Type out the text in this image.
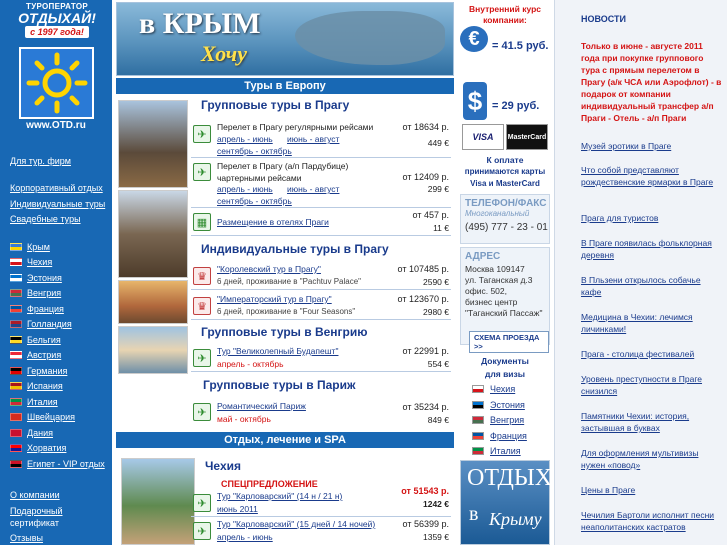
ТУРОПЕРАТОР
ОТДЫХАЙ!
с 1997 года!
www.OTD.ru
Для тур. фирм
Корпоративный отдых
Индивидуальные туры
Свадебные туры
О компании
Подарочный
сертификат
Отзывы
Крым
Чехия
Эстония
Венгрия
Франция
Голландия
Бельгия
Австрия
Германия
Испания
Италия
Швейцария
Дания
Хорватия
Египет - VIP отдых
в КРЫМ
Хочу
Туры в Европу
Групповые туры в Прагу
✈
Перелет в Прагу регулярными рейсами
апрель - июнь июнь - август
сентябрь - октябрь
от 18634 р.
449 €
✈
Перелет в Прагу (а/п Пардубице) чартерными рейсами
апрель - июнь июнь - август
сентябрь - октябрь
от 12409 р.
299 €
▦	Размещение в отелях Праги
от 457 р.
11 €
Индивидуальные туры в Прагу
♛
"Королевский тур в Прагу"
6 дней, проживание в "Pachtuv Palace"
от 107485 р.
2590 €
♛
"Императорский тур в Прагу"
6 дней, проживание в "Four Seasons"
от 123670 р.
2980 €
Групповые туры в Венгрию
✈
Тур "Великолепный Будапешт"
апрель - октябрь
от 22991 р.
554 €
Групповые туры в Париж
✈
Романтический Париж
май - октябрь
от 35234 р.
849 €
Отдых, лечение и SPA
Чехия
СПЕЦПРЕДЛОЖЕНИЕ
✈
Тур "Карловарский" (14 н / 21 н)
июнь 2011
от 51543 р.
1242 €
✈
Тур "Карловарский" (15 дней / 14 ночей)
апрель - июнь
от 56399 р.
1359 €
Внутренний курс
компании:
€	= 41.5 руб.
$ = 29 руб.
VISA	MasterCard
К оплате
принимаются карты
Visa и MasterCard
ТЕЛЕФОН/ФАКС
Многоканальный
(495) 777 - 23 - 01
АДРЕС
Москва 109147
ул. Таганская д.3
офис. 502,
бизнес центр
"Таганский Пассаж"
СХЕМА ПРОЕЗДА >>
Документы
для визы
ОТДЫХ
в Крыму
Чехия
Эстония
Венгрия
Франция
Италия
НОВОСТИ
Только в июне - августе 2011 года при покупке группового тура с прямым перелетом в Прагу (а/к ЧСА или Аэрофлот) - в подарок от компании индивидуальный трансфер а/п Праги - Отель - а/п Праги
Музей эротики в Праге
Что собой представляют рождественские ярмарки в Праге
Прага для туристов
В Праге появилась фольклорная деревня
В Пльзени открылось собачье кафе
Медицина в Чехии: лечимся личинками!
Прага - столица фестивалей
Уровень преступности в Праге снизился
Памятники Чехии: история, застывшая в буквах
Для оформления мультивизы нужен «повод»
Цены в Праге
Чечилия Бартоли исполнит песни неаполитанских кастратов
